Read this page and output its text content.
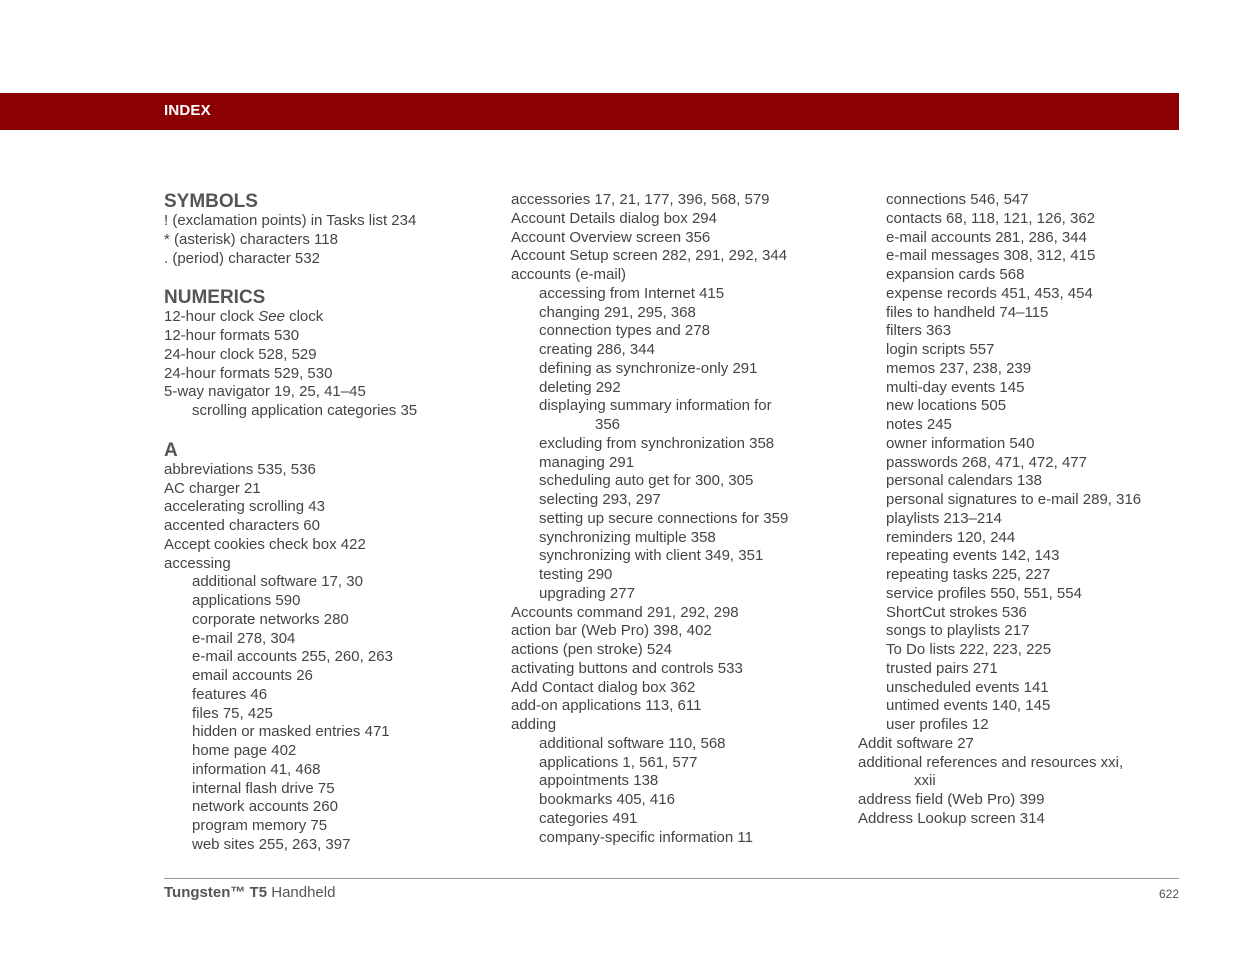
INDEX
SYMBOLS
! (exclamation points) in Tasks list 234
* (asterisk) characters 118
. (period) character 532
NUMERICS
12-hour clock See clock
12-hour formats 530
24-hour clock 528, 529
24-hour formats 529, 530
5-way navigator 19, 25, 41–45
scrolling application categories 35
A
abbreviations 535, 536
AC charger 21
accelerating scrolling 43
accented characters 60
Accept cookies check box 422
accessing
additional software 17, 30
applications 590
corporate networks 280
e-mail 278, 304
e-mail accounts 255, 260, 263
email accounts 26
features 46
files 75, 425
hidden or masked entries 471
home page 402
information 41, 468
internal flash drive 75
network accounts 260
program memory 75
web sites 255, 263, 397
accessories 17, 21, 177, 396, 568, 579
Account Details dialog box 294
Account Overview screen 356
Account Setup screen 282, 291, 292, 344
accounts (e-mail)
accessing from Internet 415
changing 291, 295, 368
connection types and 278
creating 286, 344
defining as synchronize-only 291
deleting 292
displaying summary information for
356
excluding from synchronization 358
managing 291
scheduling auto get for 300, 305
selecting 293, 297
setting up secure connections for 359
synchronizing multiple 358
synchronizing with client 349, 351
testing 290
upgrading 277
Accounts command 291, 292, 298
action bar (Web Pro) 398, 402
actions (pen stroke) 524
activating buttons and controls 533
Add Contact dialog box 362
add-on applications 113, 611
adding
additional software 110, 568
applications 1, 561, 577
appointments 138
bookmarks 405, 416
categories 491
company-specific information 11
connections 546, 547
contacts 68, 118, 121, 126, 362
e-mail accounts 281, 286, 344
e-mail messages 308, 312, 415
expansion cards 568
expense records 451, 453, 454
files to handheld 74–115
filters 363
login scripts 557
memos 237, 238, 239
multi-day events 145
new locations 505
notes 245
owner information 540
passwords 268, 471, 472, 477
personal calendars 138
personal signatures to e-mail 289, 316
playlists 213–214
reminders 120, 244
repeating events 142, 143
repeating tasks 225, 227
service profiles 550, 551, 554
ShortCut strokes 536
songs to playlists 217
To Do lists 222, 223, 225
trusted pairs 271
unscheduled events 141
untimed events 140, 145
user profiles 12
Addit software 27
additional references and resources xxi,
xxii
address field (Web Pro) 399
Address Lookup screen 314
Tungsten™ T5 Handheld	622
